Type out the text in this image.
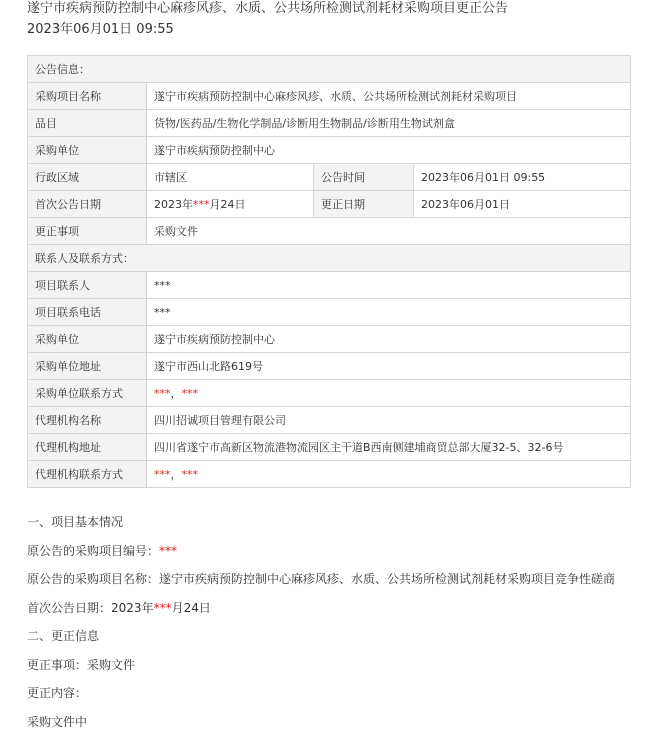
遂宁市疾病预防控制中心麻疹风疹、水质、公共场所检测试剂耗材采购项目更正公告
2023年06月01日 09:55
公告信息：			
采购项目名称	遂宁市疾病预防控制中心麻疹风疹、水质、公共场所检测试剂耗材采购项目		
品目	货物/医药品/生物化学制品/诊断用生物制品/诊断用生物试剂盒		
采购单位	遂宁市疾病预防控制中心		
行政区域	市辖区	公告时间	2023年06月01日 09:55
首次公告日期	2023年***月24日	更正日期	2023年06月01日
更正事项	采购文件		
联系人及联系方式：			
项目联系人	***		
项目联系电话	***		
采购单位	遂宁市疾病预防控制中心		
采购单位地址	遂宁市西山北路619号		
采购单位联系方式	***，***		
代理机构名称	四川招诚项目管理有限公司		
代理机构地址	四川省遂宁市高新区物流港物流园区主干道B西南侧建埔商贸总部大厦32-5、32-6号		
代理机构联系方式	***，***		
一、项目基本情况
原公告的采购项目编号：***
原公告的采购项目名称：遂宁市疾病预防控制中心麻疹风疹、水质、公共场所检测试剂耗材采购项目竞争性磋商
首次公告日期：2023年***月24日
二、更正信息
更正事项：采购文件
更正内容：
采购文件中
